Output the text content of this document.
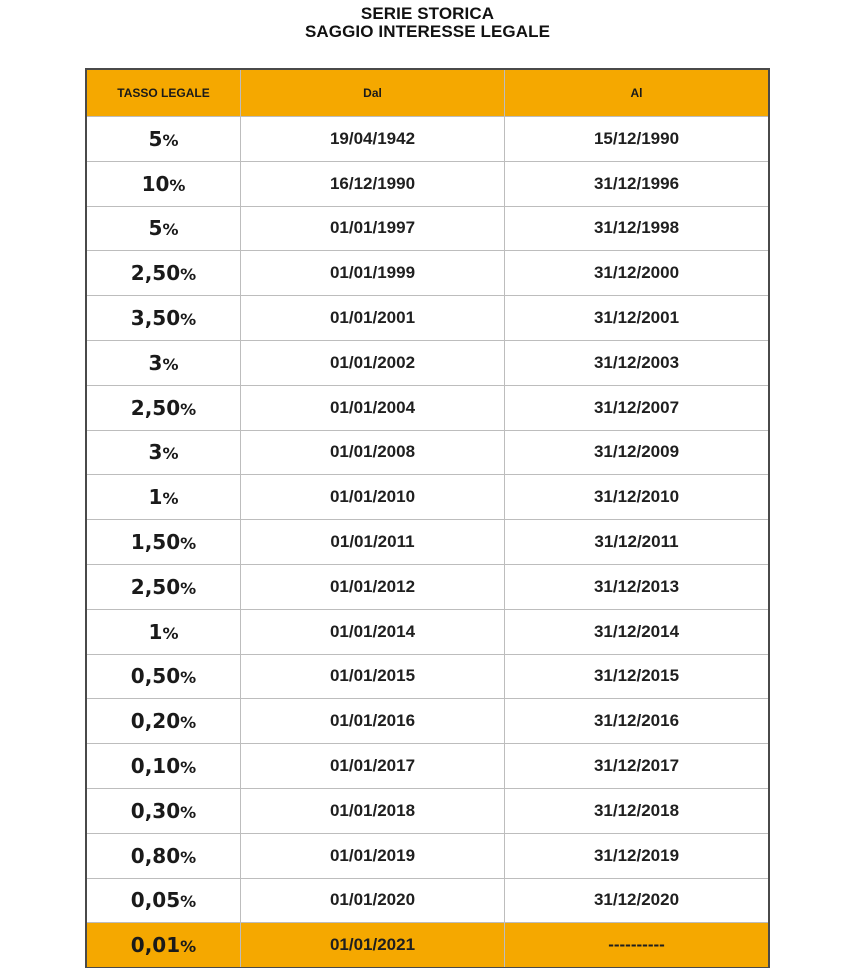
SERIE STORICA
SAGGIO INTERESSE LEGALE
TASSO LEGALE	Dal	Al
5%	19/04/1942	15/12/1990
10%	16/12/1990	31/12/1996
5%	01/01/1997	31/12/1998
2,50%	01/01/1999	31/12/2000
3,50%	01/01/2001	31/12/2001
3%	01/01/2002	31/12/2003
2,50%	01/01/2004	31/12/2007
3%	01/01/2008	31/12/2009
1%	01/01/2010	31/12/2010
1,50%	01/01/2011	31/12/2011
2,50%	01/01/2012	31/12/2013
1%	01/01/2014	31/12/2014
0,50%	01/01/2015	31/12/2015
0,20%	01/01/2016	31/12/2016
0,10%	01/01/2017	31/12/2017
0,30%	01/01/2018	31/12/2018
0,80%	01/01/2019	31/12/2019
0,05%	01/01/2020	31/12/2020
0,01%	01/01/2021	----------
